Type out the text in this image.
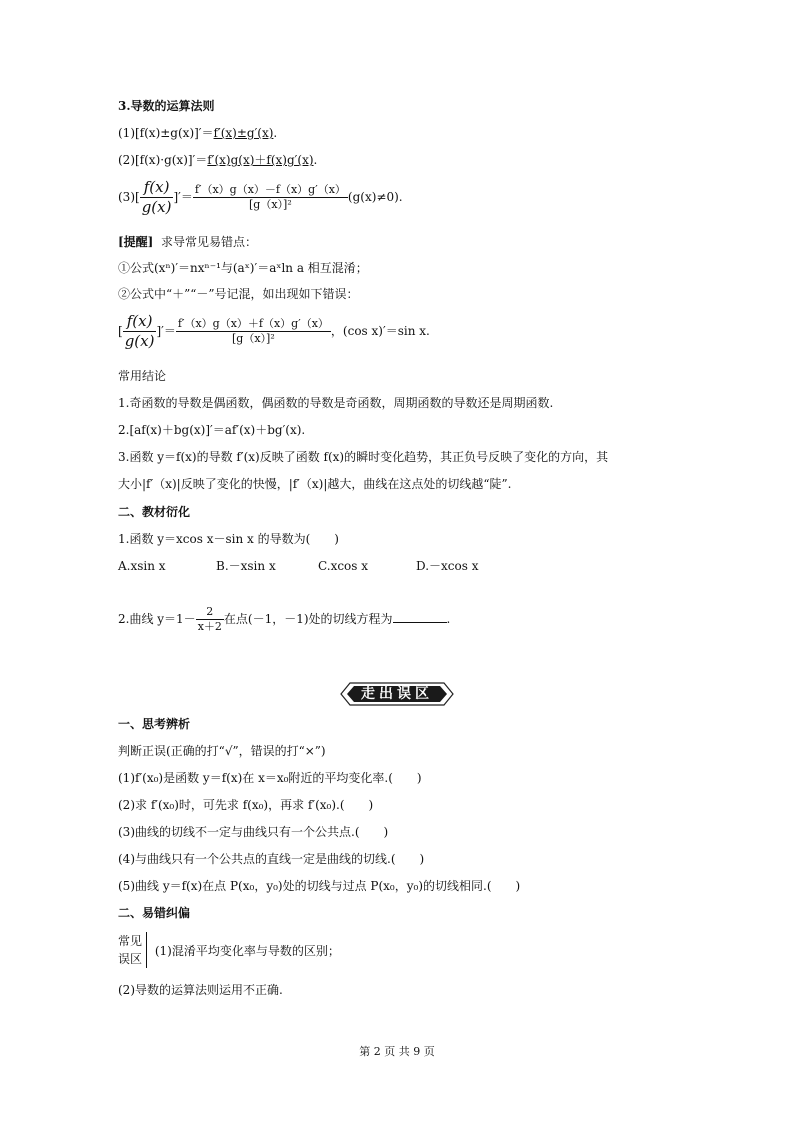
3.导数的运算法则
(1)[f(x)±g(x)]′＝f′(x)±g′(x).
(2)[f(x)·g(x)]′＝f′(x)g(x)＋f(x)g′(x).
$(3)[ \frac{f(x)}{g(x)}$ ]′＝ $\frac{f'(x)g(x)-f(x)g'(x)}{\text{[g（x）]²}} (g(x)\ne 0)$.
[提醒] 求导常见易错点：
①公式(xⁿ)′＝nxⁿ⁻¹与(aˣ)′＝aˣln a 相互混淆；
②公式中“＋”“－”号记混，如出现如下错误：
[ $\frac{f(x)}{g(x)}$ ]′＝ $\frac{f'(x)g(x)+f(x)g'(x)}{\text{[g（x）]²}}$ ，(cos x)′＝sin x.
常用结论
1.奇函数的导数是偶函数，偶函数的导数是奇函数，周期函数的导数还是周期函数.
2.[af(x)＋bg(x)]′＝af′(x)＋bg′(x).
3.函数 y＝f(x)的导数 f′(x)反映了函数 f(x)的瞬时变化趋势，其正负号反映了变化的方向，其
大小|f′（x)|反映了变化的快慢，|f′（x)|越大，曲线在这点处的切线越“陡”.
二、教材衍化
1.函数 y＝xcos x－sin x 的导数为(　　)
A.xsin x	B.－xsin x	C.xcos x	D.－xcos x
2.曲线 $y=1- \frac{2}{x+2}$ 在点(－1，－1)处的切线方程为	.
走出误区
一、思考辨析
判断正误(正确的打“√”，错误的打“×”)
(1)f′(x₀)是函数 y＝f(x)在 x＝x₀附近的平均变化率.(　　)
(2)求 f′(x₀)时，可先求 f(x₀)，再求 f′(x₀).(　　)
(3)曲线的切线不一定与曲线只有一个公共点.(　　)
(4)与曲线只有一个公共点的直线一定是曲线的切线.(　　)
(5)曲线 y＝f(x)在点 P(x₀，y₀)处的切线与过点 P(x₀，y₀)的切线相同.(　　)
二、易错纠偏
常见
误区
(1)混淆平均变化率与导数的区别；
(2)导数的运算法则运用不正确.
第 2 页 共 9 页
